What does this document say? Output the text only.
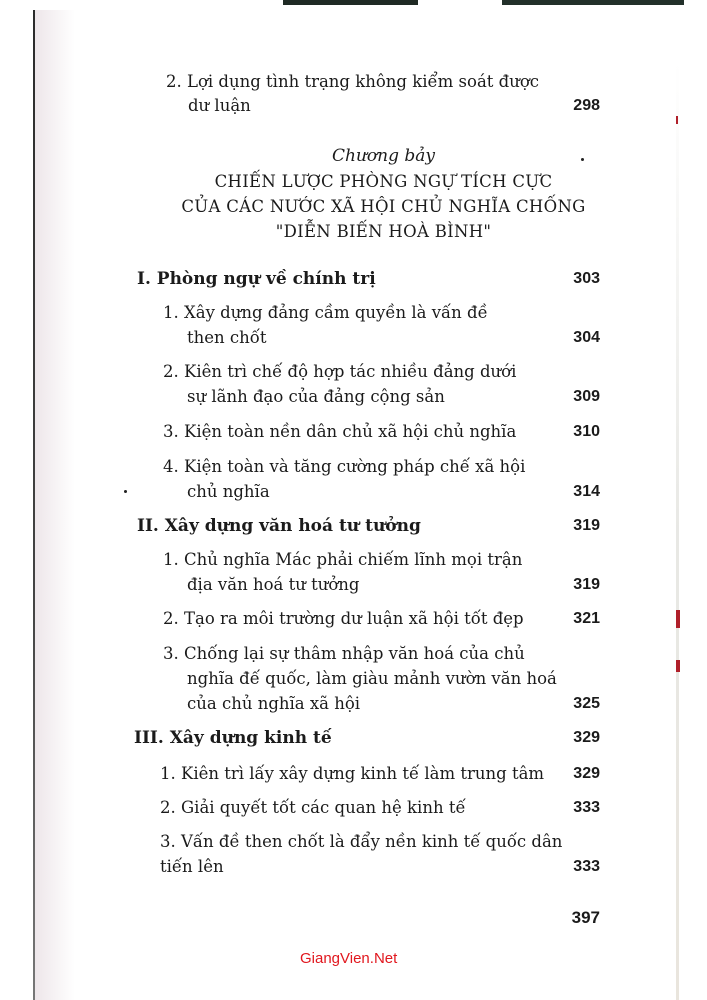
2. Lợi dụng tình trạng không kiểm soát được
dư luận	298
Chương bảy
CHIẾN LƯỢC PHÒNG NGỰ TÍCH CỰC
CỦA CÁC NƯỚC XÃ HỘI CHỦ NGHĨA CHỐNG
"DIỄN BIẾN HOÀ BÌNH"
I. Phòng ngự về chính trị	303
1. Xây dựng đảng cầm quyền là vấn đề
then chốt	304
2. Kiên trì chế độ hợp tác nhiều đảng dưới
sự lãnh đạo của đảng cộng sản	309
3. Kiện toàn nền dân chủ xã hội chủ nghĩa	310
4. Kiện toàn và tăng cường pháp chế xã hội
chủ nghĩa	314
II. Xây dựng văn hoá tư tưởng	319
1. Chủ nghĩa Mác phải chiếm lĩnh mọi trận
địa văn hoá tư tưởng	319
2. Tạo ra môi trường dư luận xã hội tốt đẹp	321
3. Chống lại sự thâm nhập văn hoá của chủ
nghĩa đế quốc, làm giàu mảnh vườn văn hoá
của chủ nghĩa xã hội	325
III. Xây dựng kinh tế	329
1. Kiên trì lấy xây dựng kinh tế làm trung tâm 329
2. Giải quyết tốt các quan hệ kinh tế	333
3. Vấn đề then chốt là đẩy nền kinh tế quốc dân
tiến lên	333
397
GiangVien.Net
